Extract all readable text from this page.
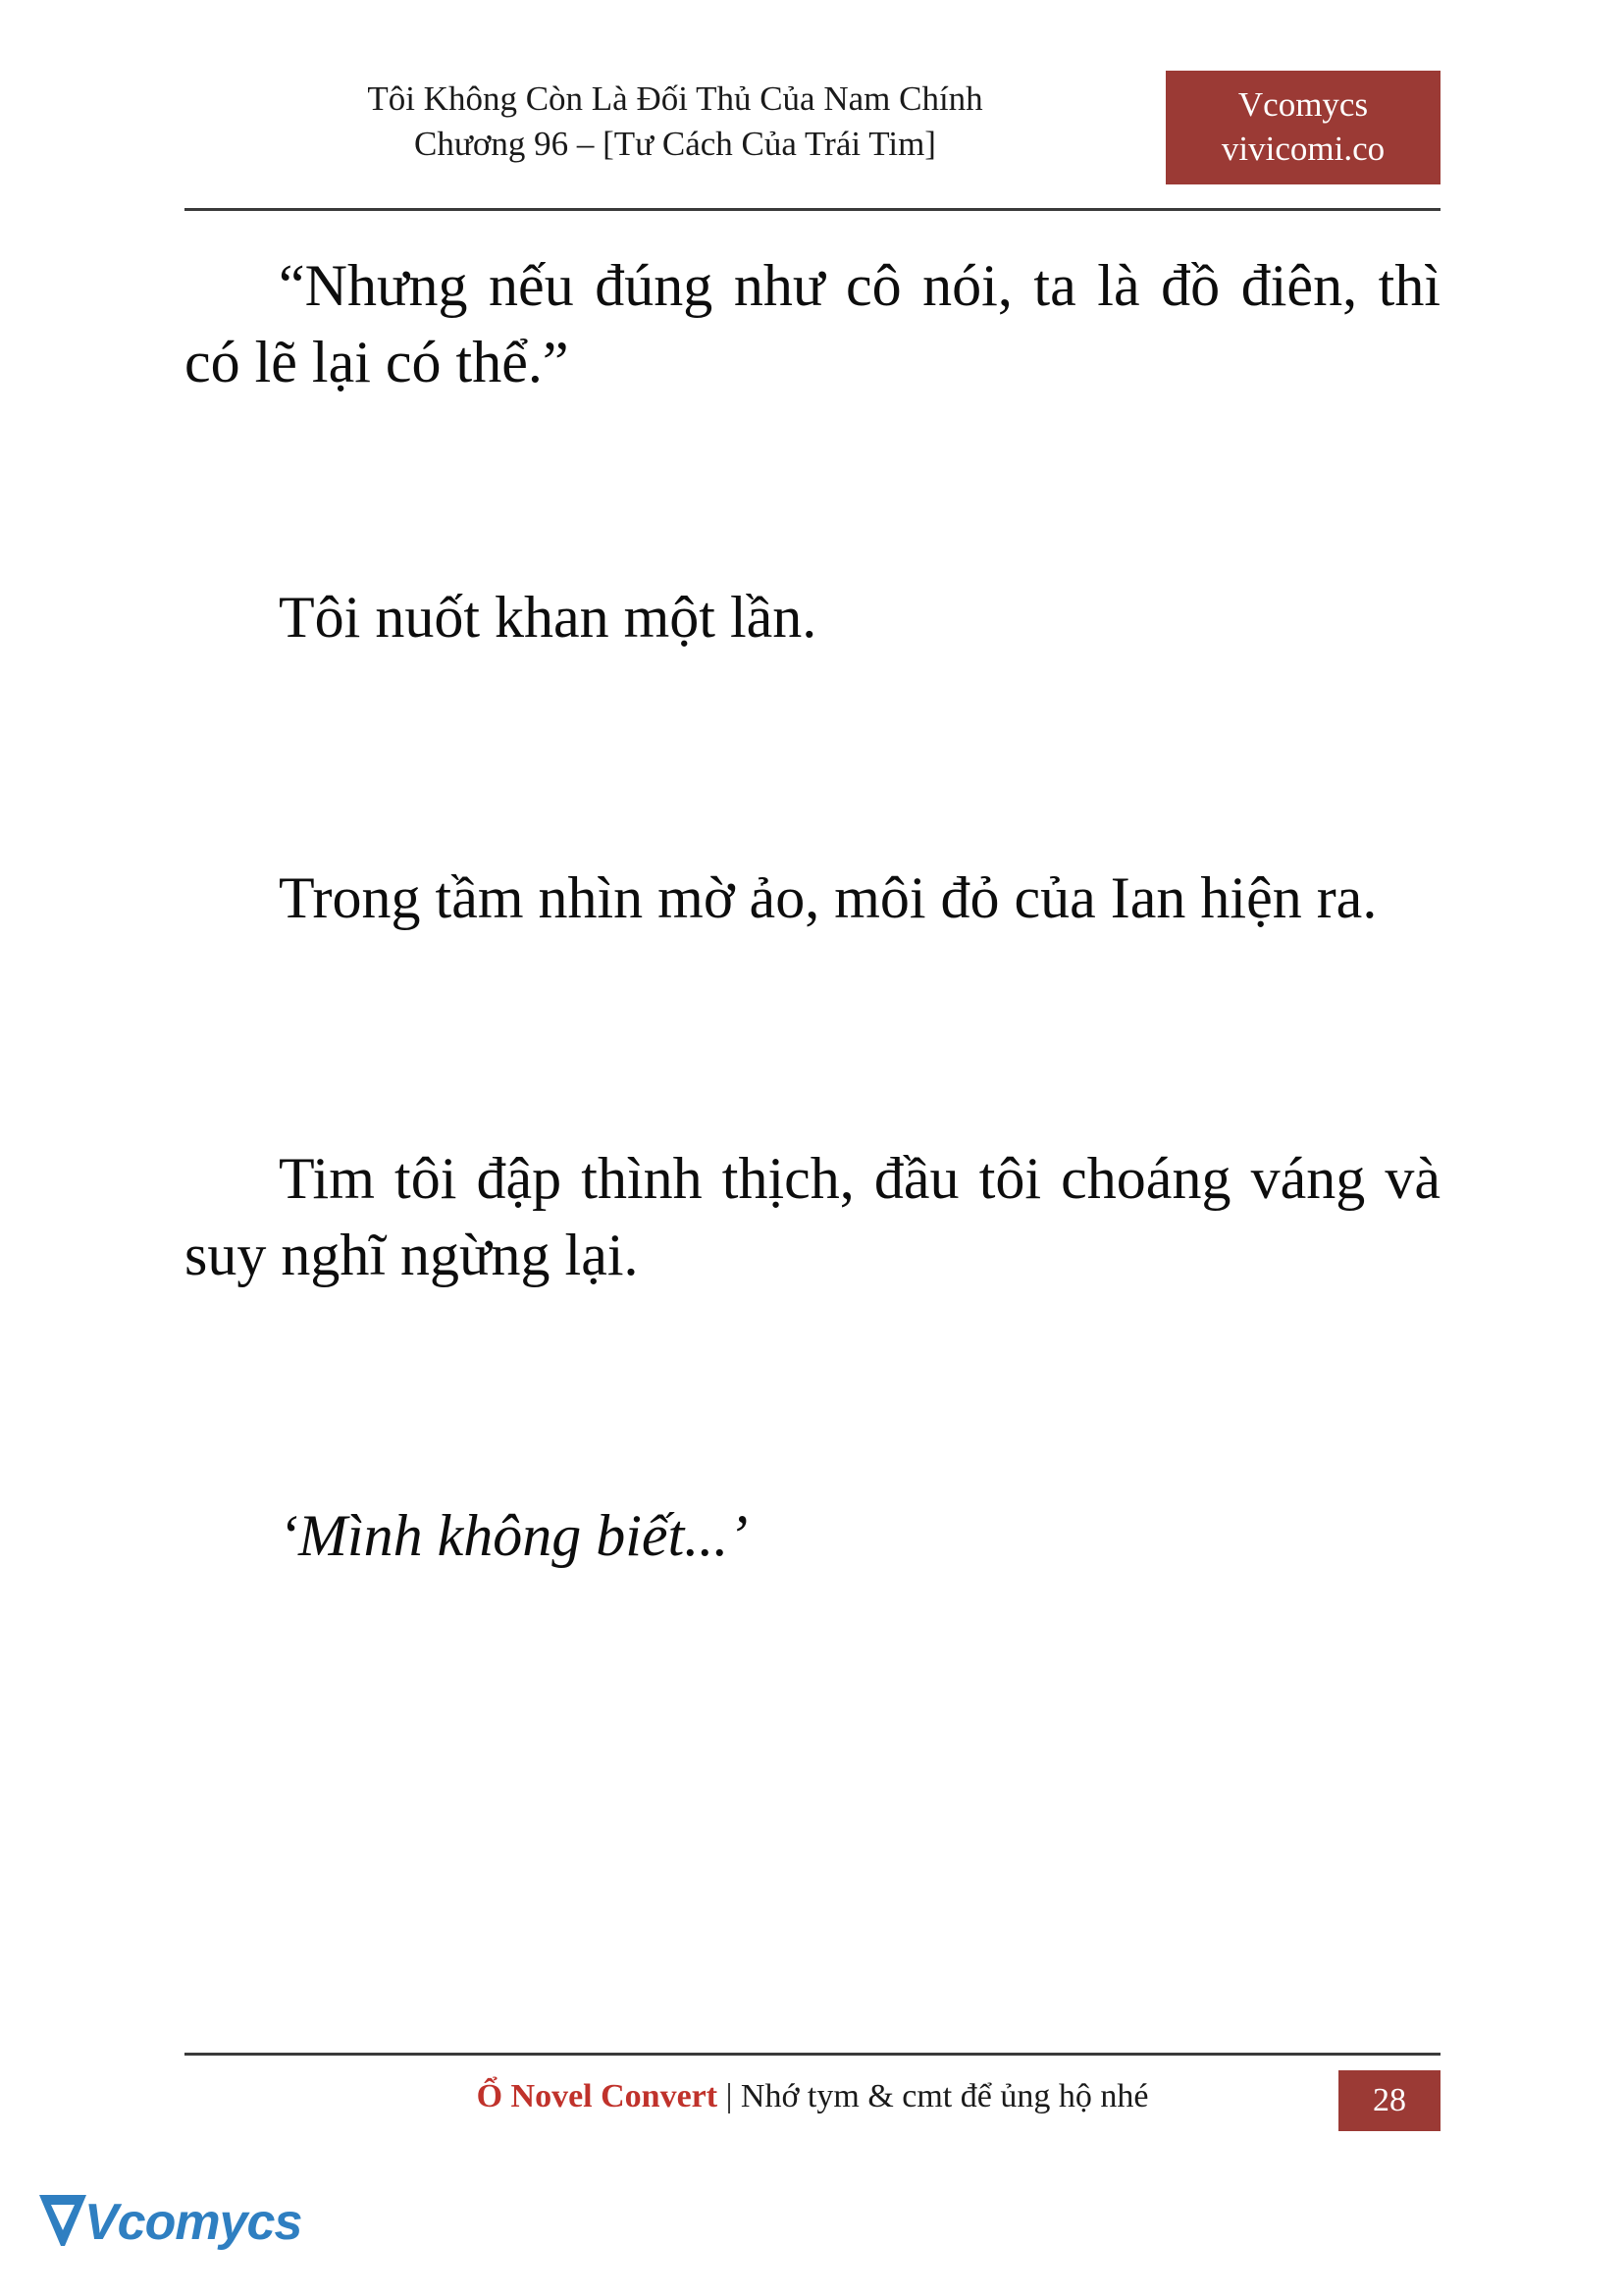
Tôi Không Còn Là Đối Thủ Của Nam Chính
Chương 96 – [Tư Cách Của Trái Tim]
Vcomycs
vivicomi.co

“Nhưng nếu đúng như cô nói, ta là đồ điên, thì có lẽ lại có thể.”

Tôi nuốt khan một lần.

Trong tầm nhìn mờ ảo, môi đỏ của Ian hiện ra.

Tim tôi đập thình thịch, đầu tôi choáng váng và suy nghĩ ngừng lại.

‘Mình không biết...’

Ổ Novel Convert | Nhớ tym & cmt để ủng hộ nhé	28
Vcomycs
